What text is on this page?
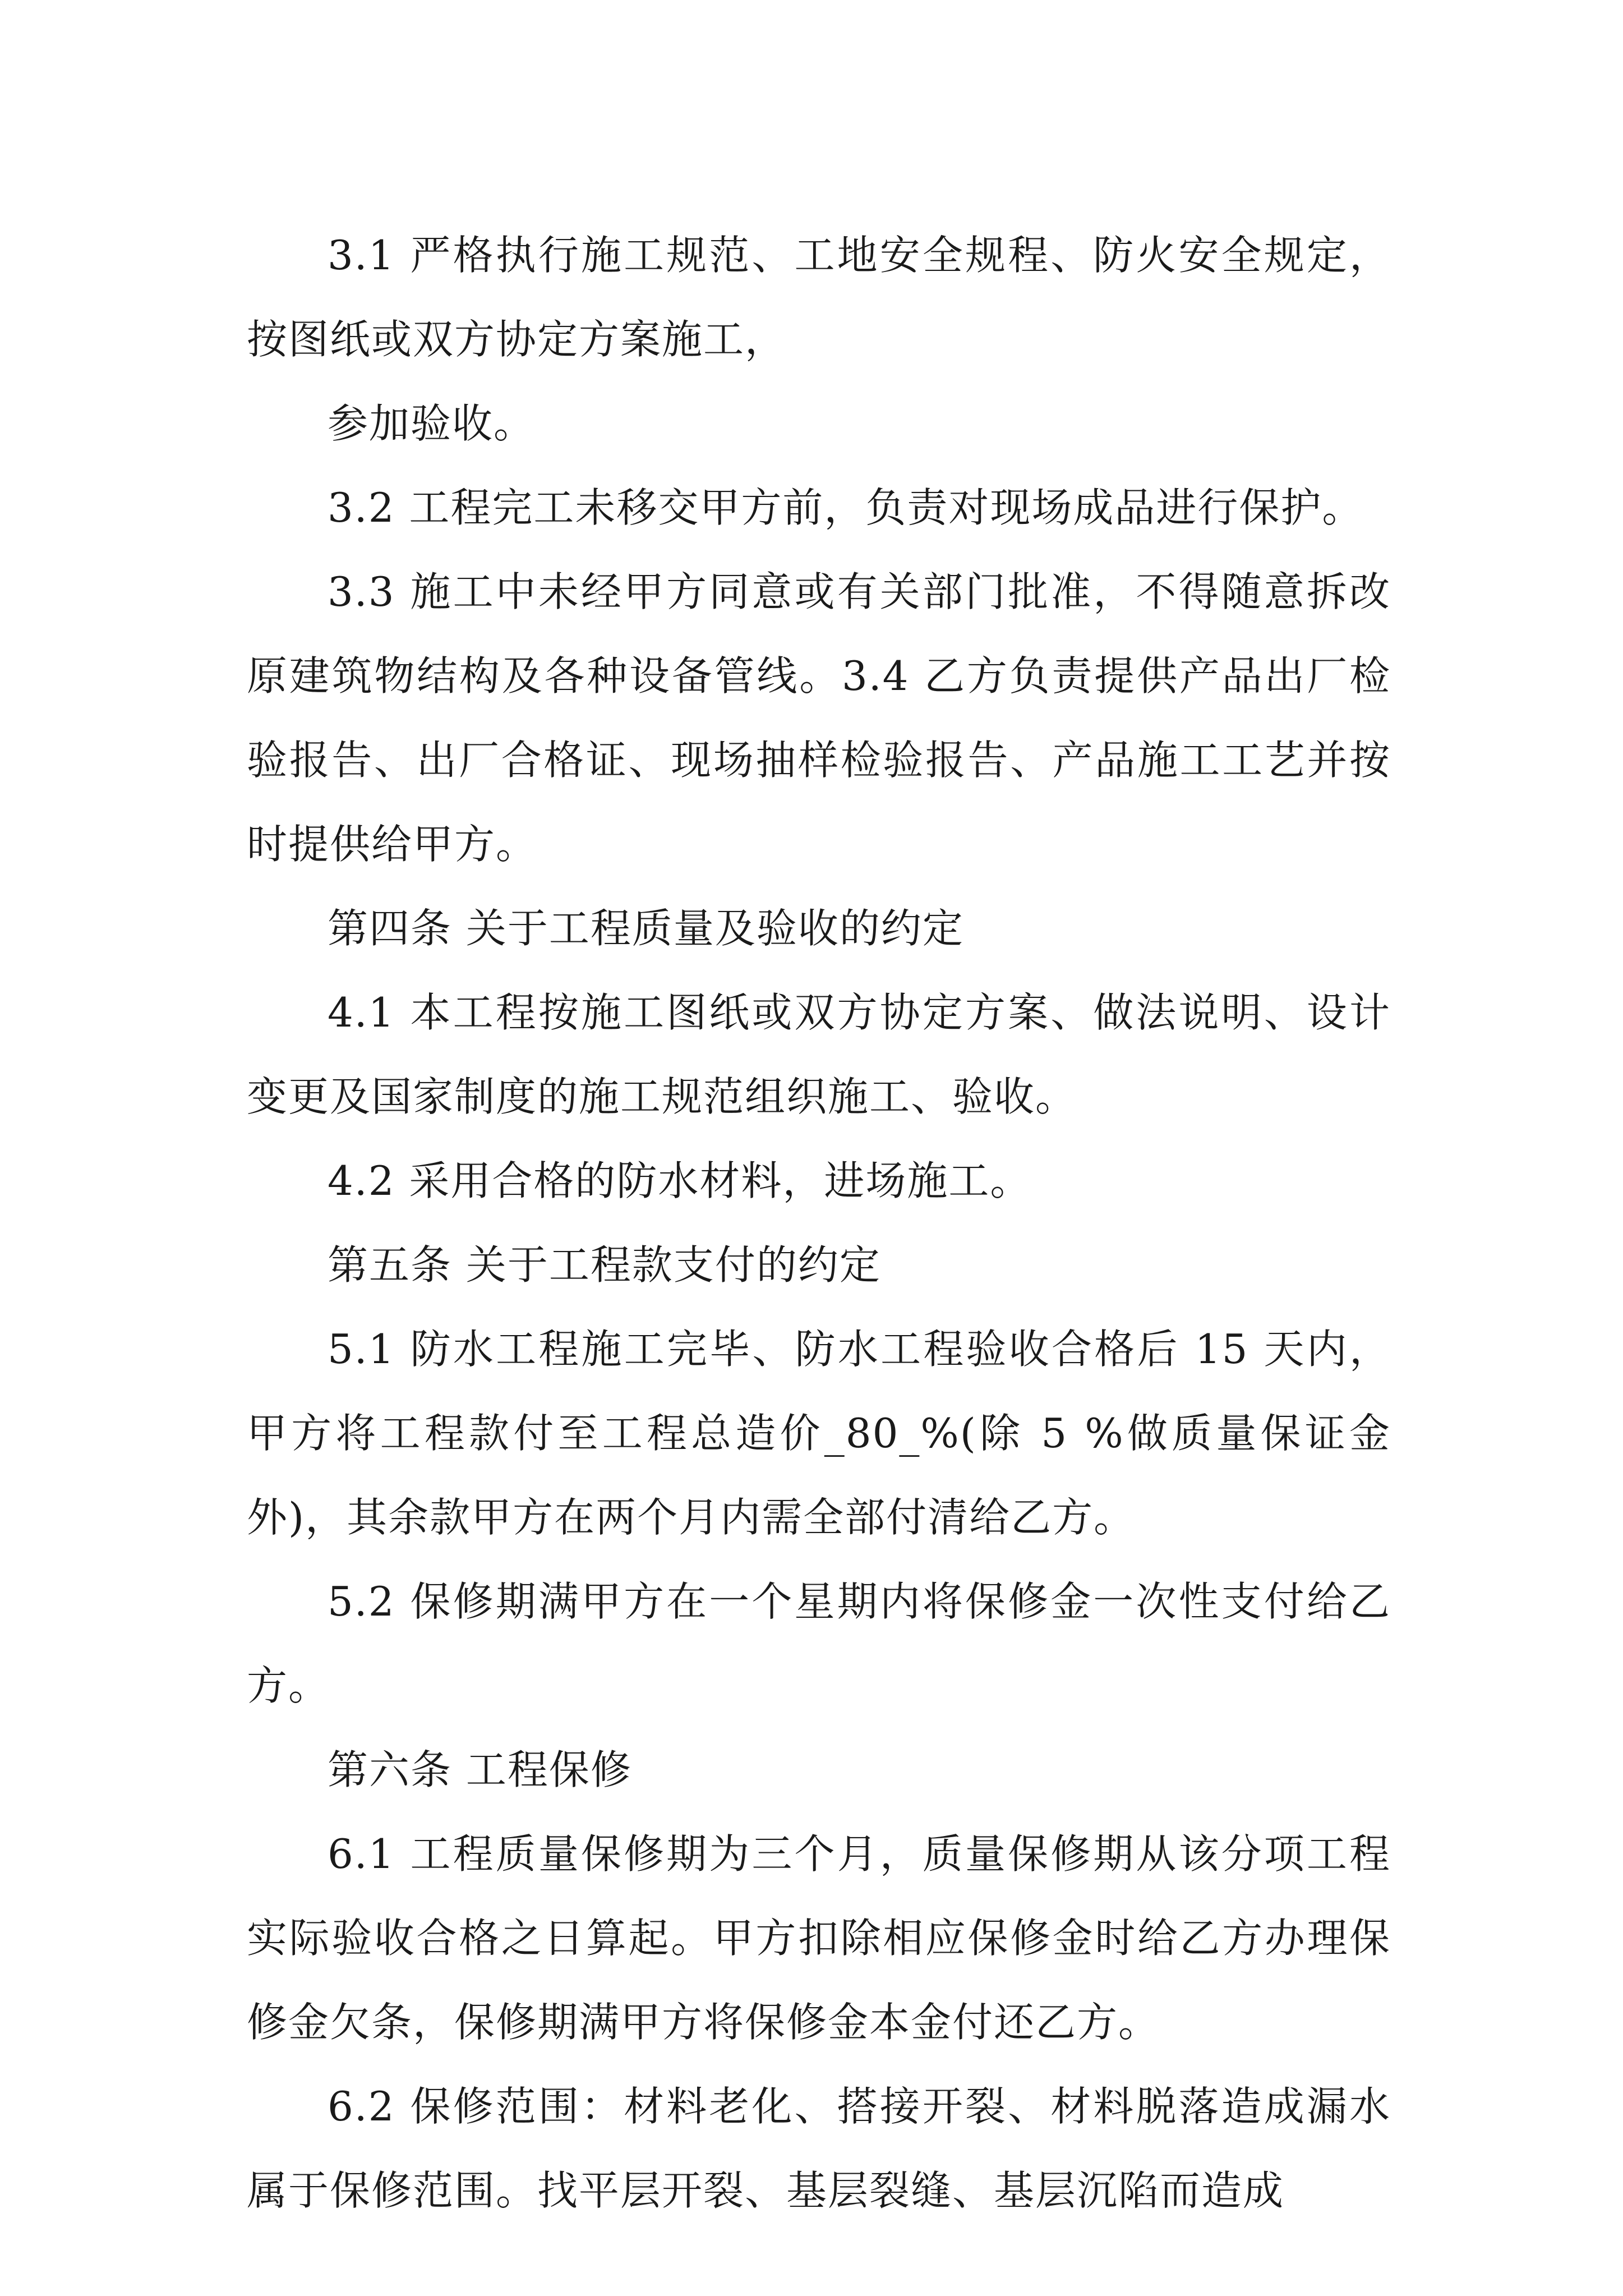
3.1 严格执行施工规范、工地安全规程、防火安全规定，按图纸或双方协定方案施工，

参加验收。

3.2 工程完工未移交甲方前，负责对现场成品进行保护。

3.3 施工中未经甲方同意或有关部门批准，不得随意拆改原建筑物结构及各种设备管线。3.4 乙方负责提供产品出厂检验报告、出厂合格证、现场抽样检验报告、产品施工工艺并按时提供给甲方。

第四条 关于工程质量及验收的约定

4.1 本工程按施工图纸或双方协定方案、做法说明、设计变更及国家制度的施工规范组织施工、验收。

4.2 采用合格的防水材料，进场施工。

第五条 关于工程款支付的约定

5.1 防水工程施工完毕、防水工程验收合格后 15 天内，甲方将工程款付至工程总造价_80_%(除 5 %做质量保证金外)，其余款甲方在两个月内需全部付清给乙方。

5.2 保修期满甲方在一个星期内将保修金一次性支付给乙方。

第六条 工程保修

6.1 工程质量保修期为三个月，质量保修期从该分项工程实际验收合格之日算起。甲方扣除相应保修金时给乙方办理保修金欠条，保修期满甲方将保修金本金付还乙方。

6.2 保修范围：材料老化、搭接开裂、材料脱落造成漏水属于保修范围。找平层开裂、基层裂缝、基层沉陷而造成
